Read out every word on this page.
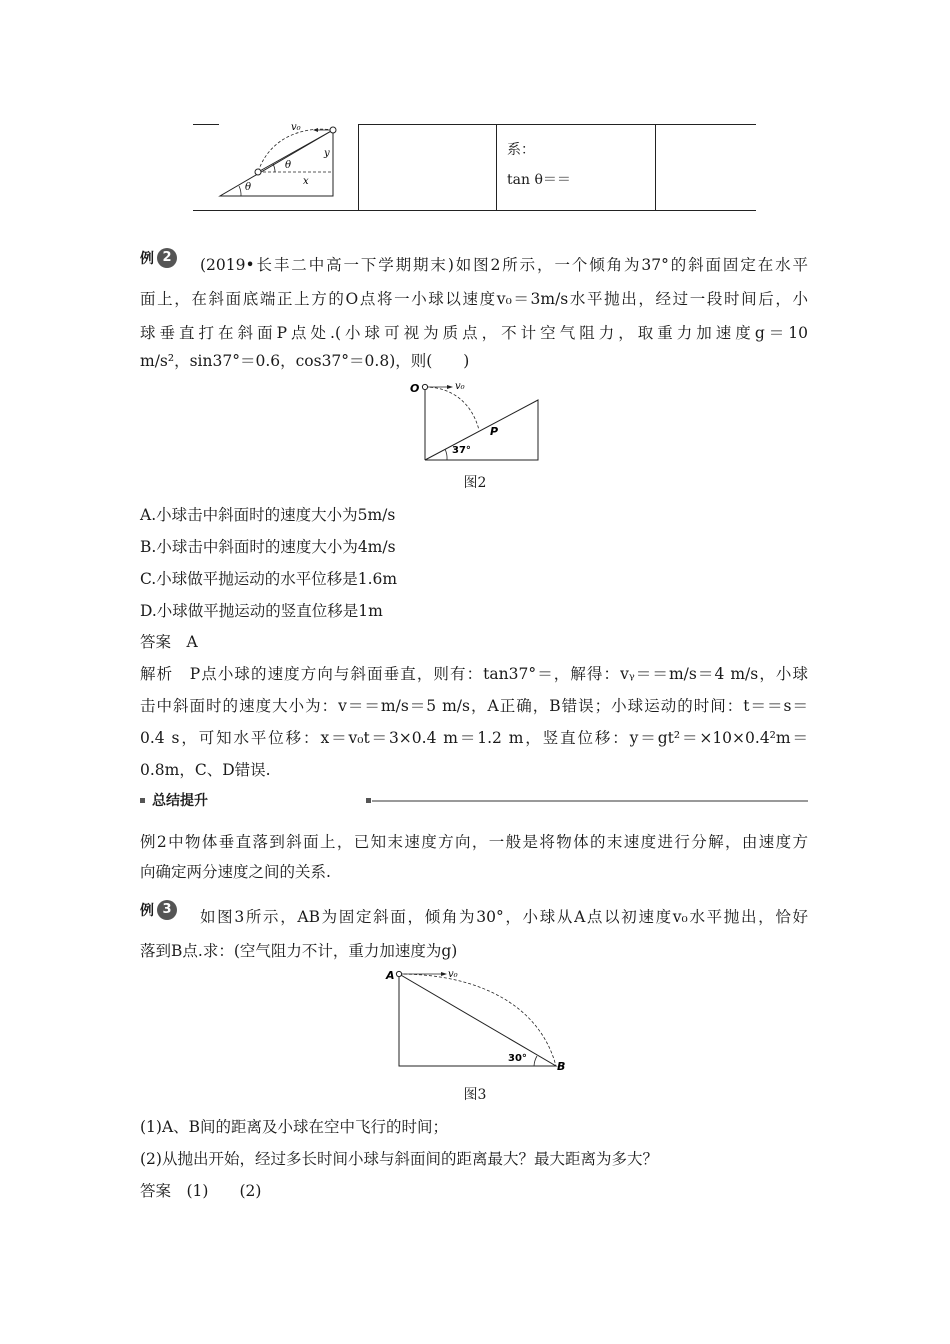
v₀
y
θ
x
θ
系：
tan θ＝＝
例 2	(2019•长丰二中高一下学期期末)如图2所示，一个倾角为37°的斜面固定在水平
面上，在斜面底端正上方的O点将一小球以速度v₀＝3m/s水平抛出，经过一段时间后，小
球垂直打在斜面P点处.(小球可视为质点，不计空气阻力，取重力加速度g＝10
m/s²，sin37°＝0.6，cos37°＝0.8)，则(　　)
O	v₀
P
37°
图2
A.小球击中斜面时的速度大小为5m/s
B.小球击中斜面时的速度大小为4m/s
C.小球做平抛运动的水平位移是1.6m
D.小球做平抛运动的竖直位移是1m
答案　A
解析　P点小球的速度方向与斜面垂直，则有：tan37°＝，解得：vᵧ＝＝m/s＝4 m/s，小球
击中斜面时的速度大小为：v＝＝m/s＝5 m/s，A正确，B错误；小球运动的时间：t＝＝s＝
0.4 s，可知水平位移：x＝v₀t＝3×0.4 m＝1.2 m，竖直位移：y＝gt²＝×10×0.4²m＝
0.8m，C、D错误.
总结提升
例2中物体垂直落到斜面上，已知末速度方向，一般是将物体的末速度进行分解，由速度方
向确定两分速度之间的关系.
例 3	如图3所示，AB为固定斜面，倾角为30°，小球从A点以初速度v₀水平抛出，恰好
落到B点.求：(空气阻力不计，重力加速度为g)
A	v₀
30°
B
图3
(1)A、B间的距离及小球在空中飞行的时间；
(2)从抛出开始，经过多长时间小球与斜面间的距离最大？最大距离为多大？
答案　(1)　　(2)
